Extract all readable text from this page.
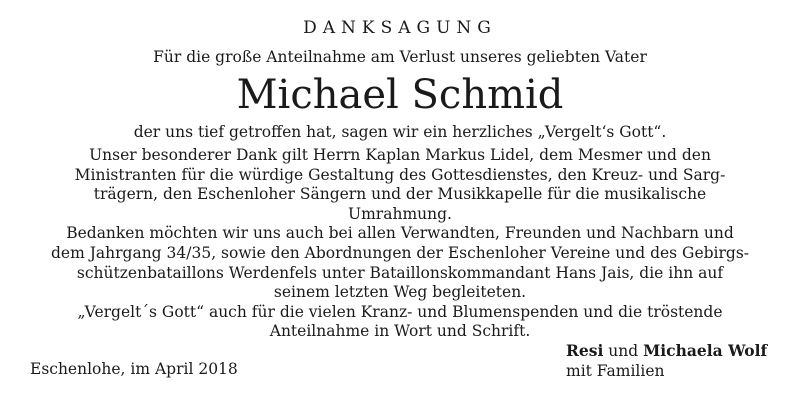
DANKSAGUNG
Für die große Anteilnahme am Verlust unseres geliebten Vater
Michael Schmid
der uns tief getroffen hat, sagen wir ein herzliches „Vergelt‘s Gott“.
Unser besonderer Dank gilt Herrn Kaplan Markus Lidel, dem Mesmer und den
Ministranten für die würdige Gestaltung des Gottesdienstes, den Kreuz- und Sarg-
trägern, den Eschenloher Sängern und der Musikkapelle für die musikalische
Umrahmung.
Bedanken möchten wir uns auch bei allen Verwandten, Freunden und Nachbarn und
dem Jahrgang 34/35, sowie den Abordnungen der Eschenloher Vereine und des Gebirgs-
schützenbataillons Werdenfels unter Bataillonskommandant Hans Jais, die ihn auf
seinem letzten Weg begleiteten.
„Vergelt´s Gott“ auch für die vielen Kranz- und Blumenspenden und die tröstende
Anteilnahme in Wort und Schrift.
Eschenlohe, im April 2018
Resi und Michaela Wolf
mit Familien
